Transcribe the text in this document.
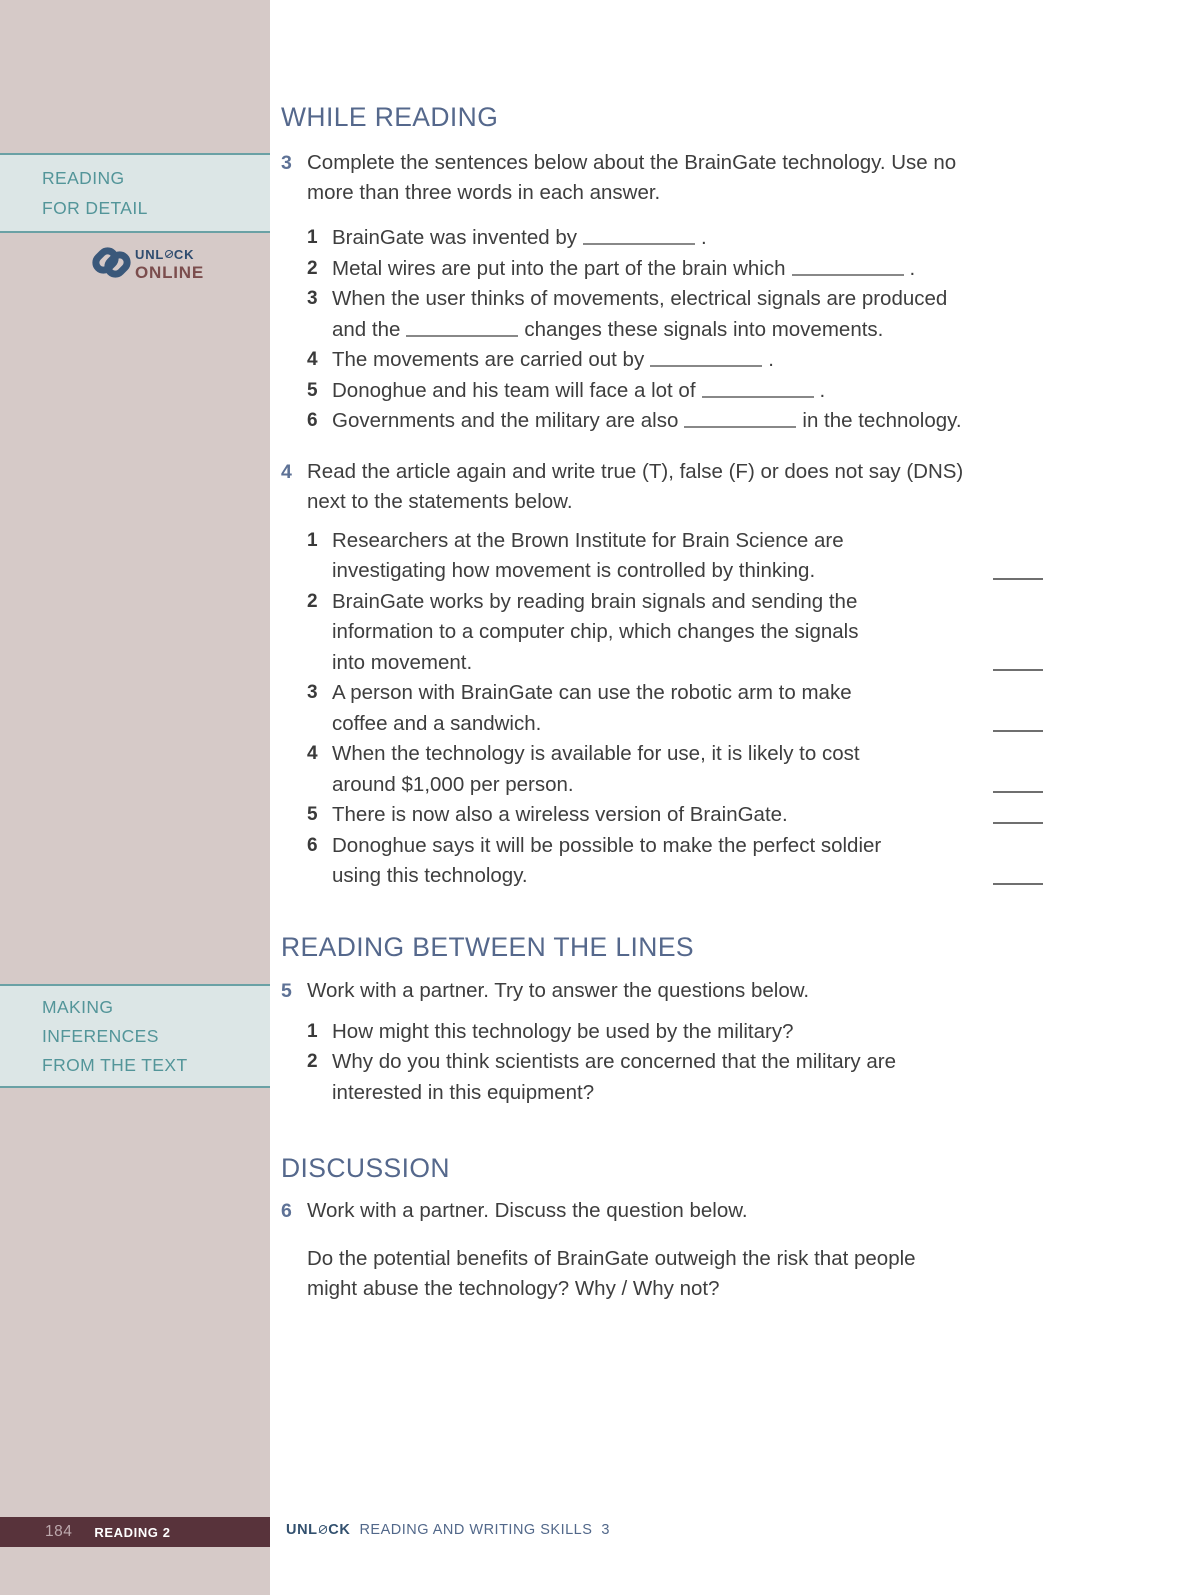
READING
FOR DETAIL
UNL CK
ONLINE
MAKING
INFERENCES
FROM THE TEXT
184 READING 2
WHILE READING
3 Complete the sentences below about the BrainGate technology. Use no
more than three words in each answer.
1 BrainGate was invented by	.
2 Metal wires are put into the part of the brain which	.
3 When the user thinks of movements, electrical signals are produced
and the	changes these signals into movements.
4 The movements are carried out by	.
5 Donoghue and his team will face a lot of	.
6 Governments and the military are also	in the technology.
4 Read the article again and write true (T), false (F) or does not say (DNS)
next to the statements below.
1 Researchers at the Brown Institute for Brain Science are
investigating how movement is controlled by thinking.
2 BrainGate works by reading brain signals and sending the
information to a computer chip, which changes the signals
into movement.
3 A person with BrainGate can use the robotic arm to make
coffee and a sandwich.
4 When the technology is available for use, it is likely to cost
around $1,000 per person.
5 There is now also a wireless version of BrainGate.
6 Donoghue says it will be possible to make the perfect soldier
using this technology.
READING BETWEEN THE LINES
5 Work with a partner. Try to answer the questions below.
1 How might this technology be used by the military?
2 Why do you think scientists are concerned that the military are
interested in this equipment?
DISCUSSION
6 Work with a partner. Discuss the question below.
Do the potential benefits of BrainGate outweigh the risk that people
might abuse the technology? Why / Why not?
UNL CK READING AND WRITING SKILLS 3
